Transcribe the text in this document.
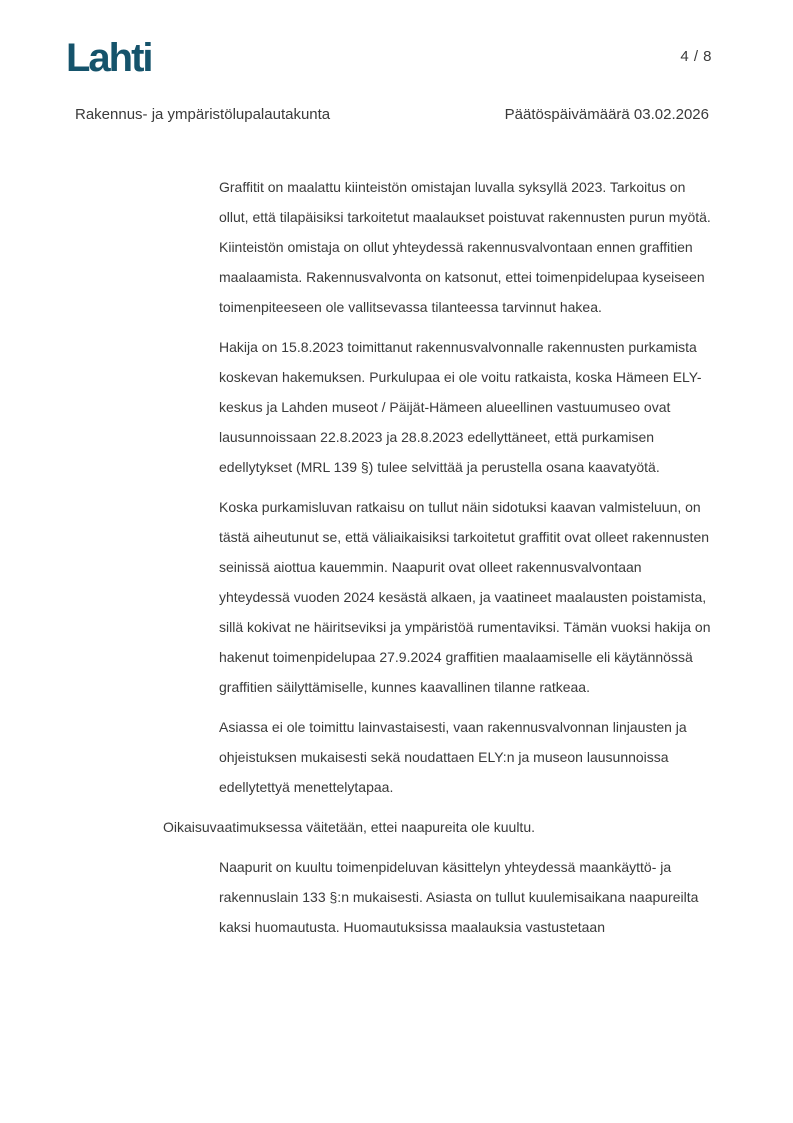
Lahti	4 / 8
Rakennus- ja ympäristölupalautakunta	Päätöspäivämäärä 03.02.2026

Graffitit on maalattu kiinteistön omistajan luvalla syksyllä 2023. Tarkoitus on ollut, että tilapäisiksi tarkoitetut maalaukset poistuvat rakennusten purun myötä. Kiinteistön omistaja on ollut yhteydessä rakennusvalvontaan ennen graffitien maalaamista. Rakennusvalvonta on katsonut, ettei toimenpidelupaa kyseiseen toimenpiteeseen ole vallitsevassa tilanteessa tarvinnut hakea.

Hakija on 15.8.2023 toimittanut rakennusvalvonnalle rakennusten purkamista koskevan hakemuksen. Purkulupaa ei ole voitu ratkaista, koska Hämeen ELY-keskus ja Lahden museot / Päijät-Hämeen alueellinen vastuumuseo ovat lausunnoissaan 22.8.2023 ja 28.8.2023 edellyttäneet, että purkamisen edellytykset (MRL 139 §) tulee selvittää ja perustella osana kaavatyötä.

Koska purkamisluvan ratkaisu on tullut näin sidotuksi kaavan valmisteluun, on tästä aiheutunut se, että väliaikaisiksi tarkoitetut graffitit ovat olleet rakennusten seinissä aiottua kauemmin. Naapurit ovat olleet rakennusvalvontaan yhteydessä vuoden 2024 kesästä alkaen, ja vaatineet maalausten poistamista, sillä kokivat ne häiritseviksi ja ympäristöä rumentaviksi. Tämän vuoksi hakija on hakenut toimenpidelupaa 27.9.2024 graffitien maalaamiselle eli käytännössä graffitien säilyttämiselle, kunnes kaavallinen tilanne ratkeaa.

Asiassa ei ole toimittu lainvastaisesti, vaan rakennusvalvonnan linjausten ja ohjeistuksen mukaisesti sekä noudattaen ELY:n ja museon lausunnoissa edellytettyä menettelytapaa.

Oikaisuvaatimuksessa väitetään, ettei naapureita ole kuultu.

Naapurit on kuultu toimenpideluvan käsittelyn yhteydessä maankäyttö- ja rakennuslain 133 §:n mukaisesti. Asiasta on tullut kuulemisaikana naapureilta kaksi huomautusta. Huomautuksissa maalauksia vastustetaan
